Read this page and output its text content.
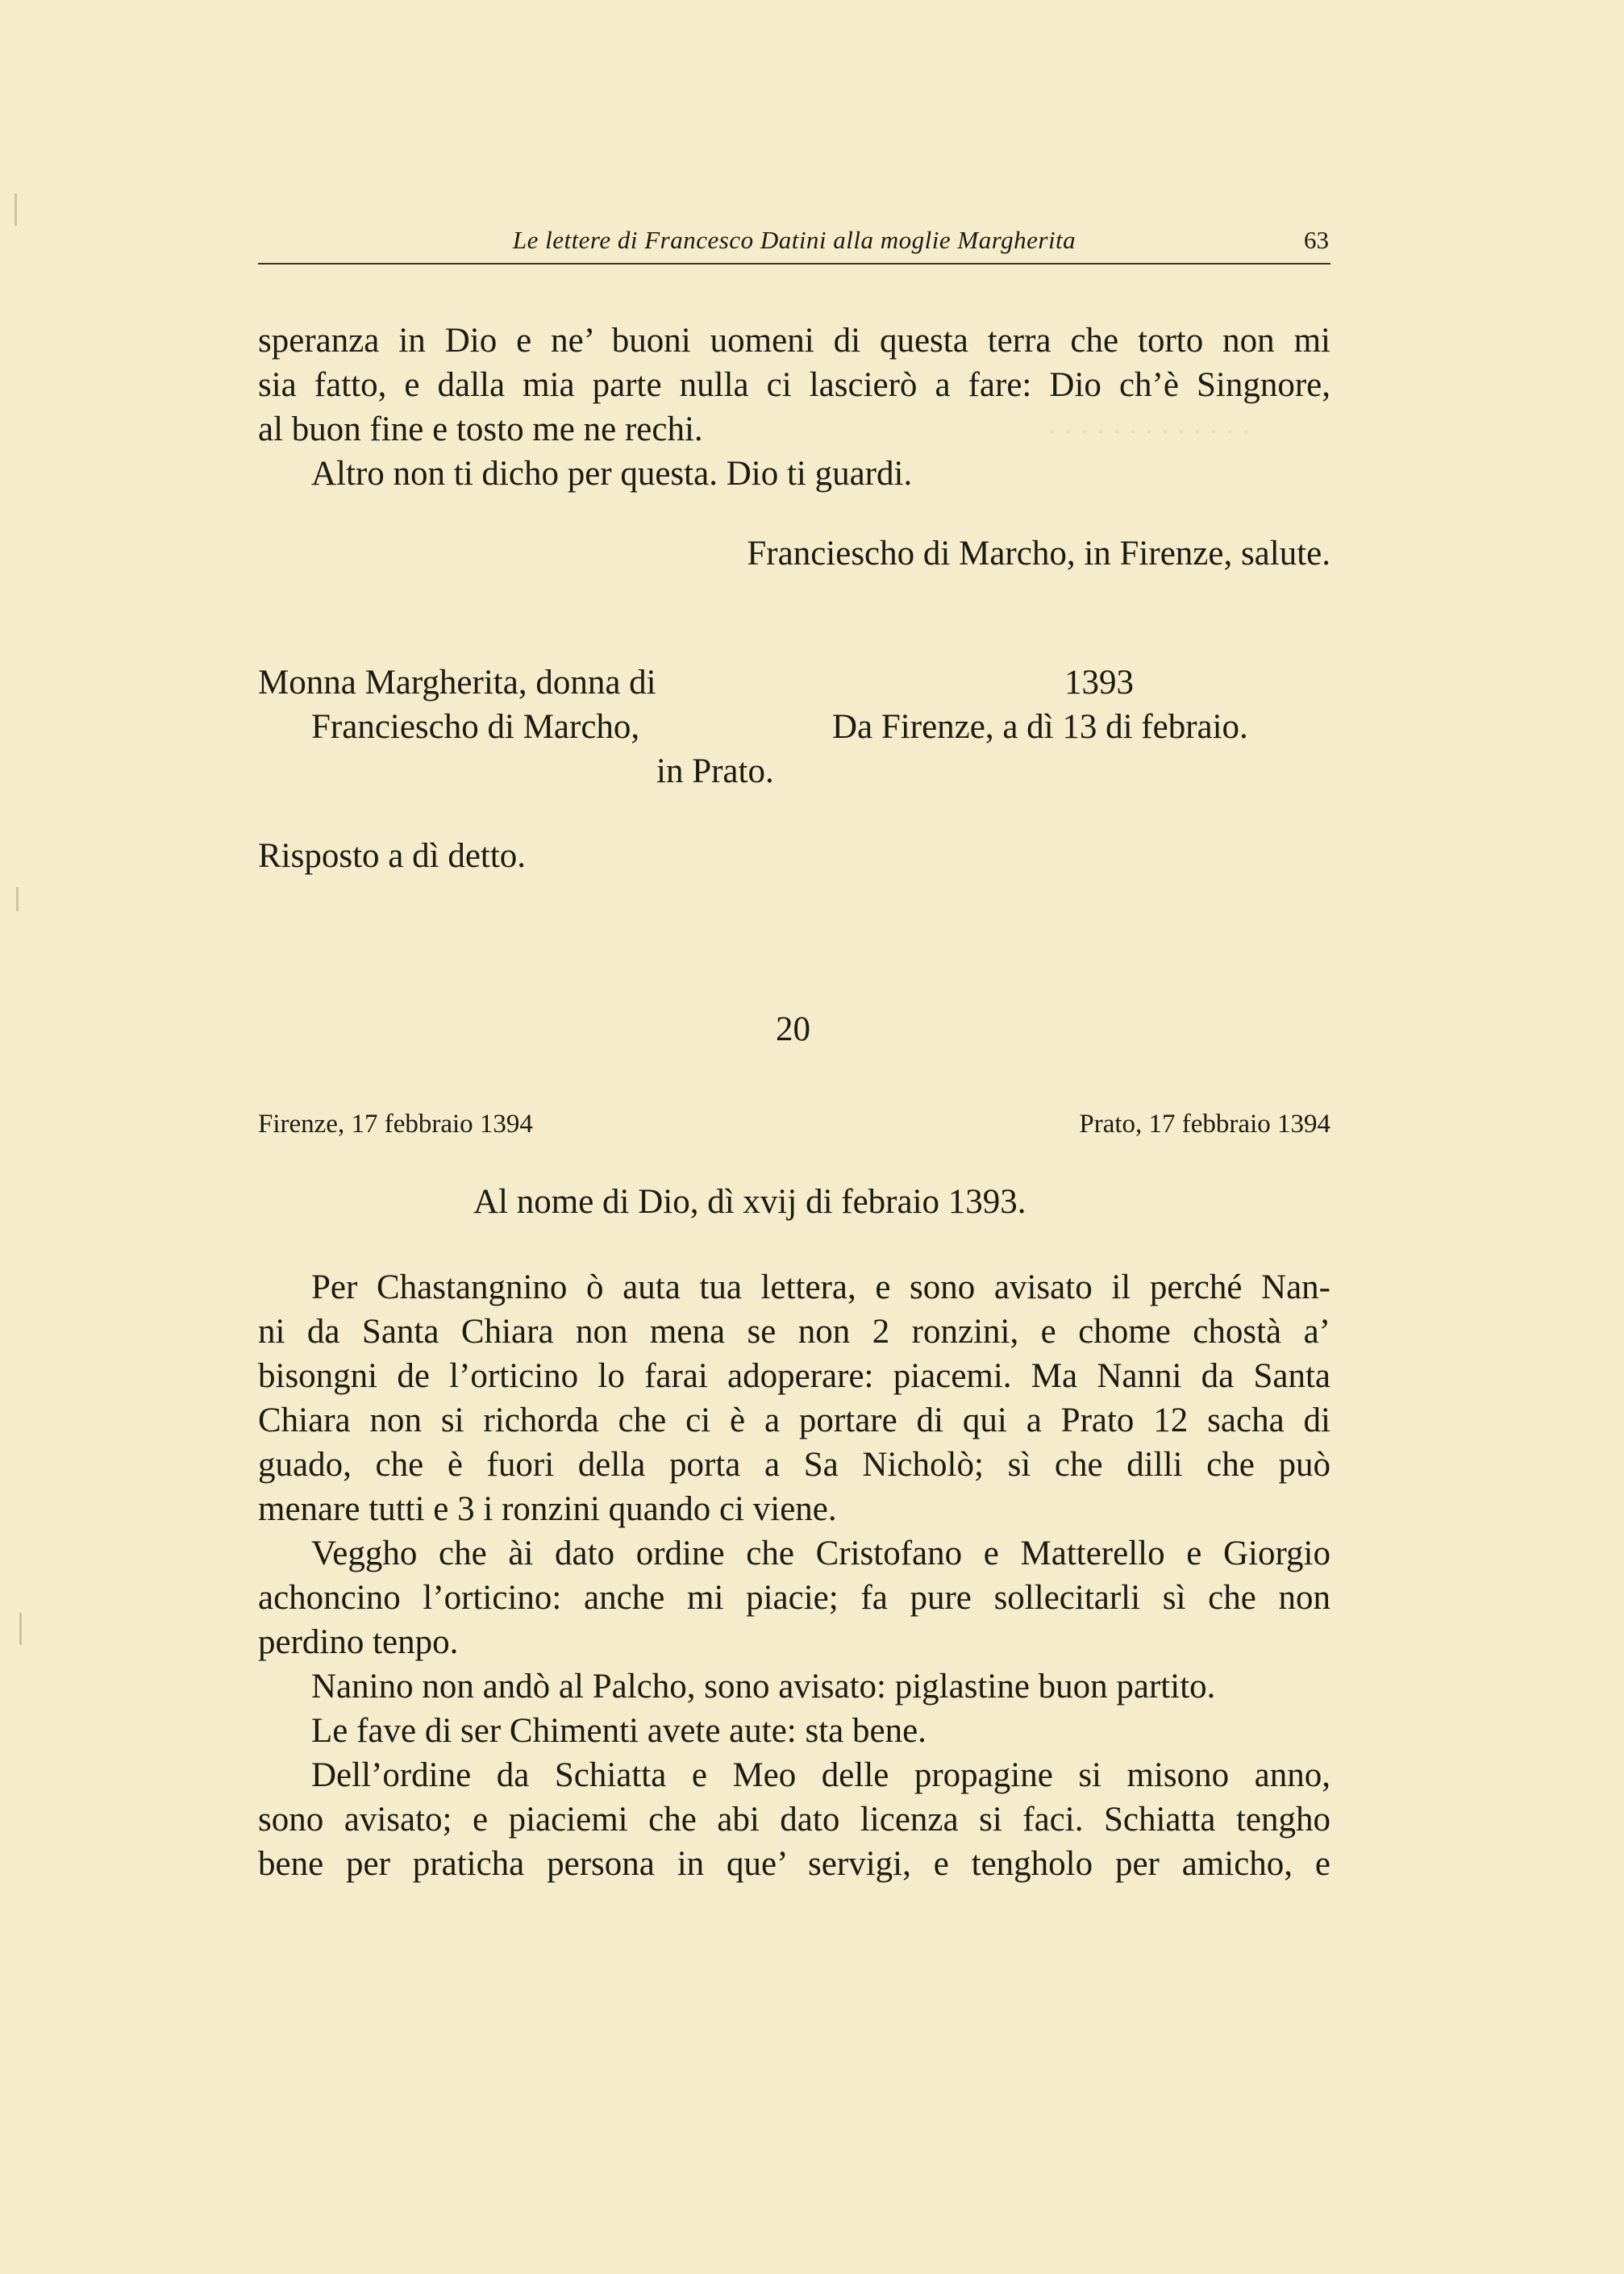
. . . . . . . . . . . . .
Le lettere di Francesco Datini alla moglie Margherita	63
speranza in Dio e ne’ buoni uomeni di questa terra che torto non mi
sia fatto, e dalla mia parte nulla ci lascierò a fare: Dio ch’è Singnore,
al buon fine e tosto me ne rechi.
Altro non ti dicho per questa. Dio ti guardi.
Franciescho di Marcho, in Firenze, salute.
Monna Margherita, donna di	1393
Franciescho di Marcho,	Da Firenze, a dì 13 di febraio.
in Prato.
Risposto a dì detto.
20
Firenze, 17 febbraio 1394	Prato, 17 febbraio 1394
Al nome di Dio, dì xvij di febraio 1393.
Per Chastangnino ò auta tua lettera, e sono avisato il perché Nan-
ni da Santa Chiara non mena se non 2 ronzini, e chome chostà a’
bisongni de l’orticino lo farai adoperare: piacemi. Ma Nanni da Santa
Chiara non si richorda che ci è a portare di qui a Prato 12 sacha di
guado, che è fuori della porta a Sa Nicholò; sì che dilli che può
menare tutti e 3 i ronzini quando ci viene.
Vegghо che ài dato ordine che Cristofano e Matterello e Giorgio
achoncino l’orticino: anche mi piacie; fa pure sollecitarli sì che non
perdino tenpo.
Nanino non andò al Palcho, sono avisato: piglastine buon partito.
Le fave di ser Chimenti avete aute: sta bene.
Dell’ordine da Schiatta e Meo delle propagine si misono anno,
sono avisato; e piaciemi che abi dato licenza si faci. Schiatta tengho
bene per praticha persona in que’ servigi, e tengholo per amicho, e
